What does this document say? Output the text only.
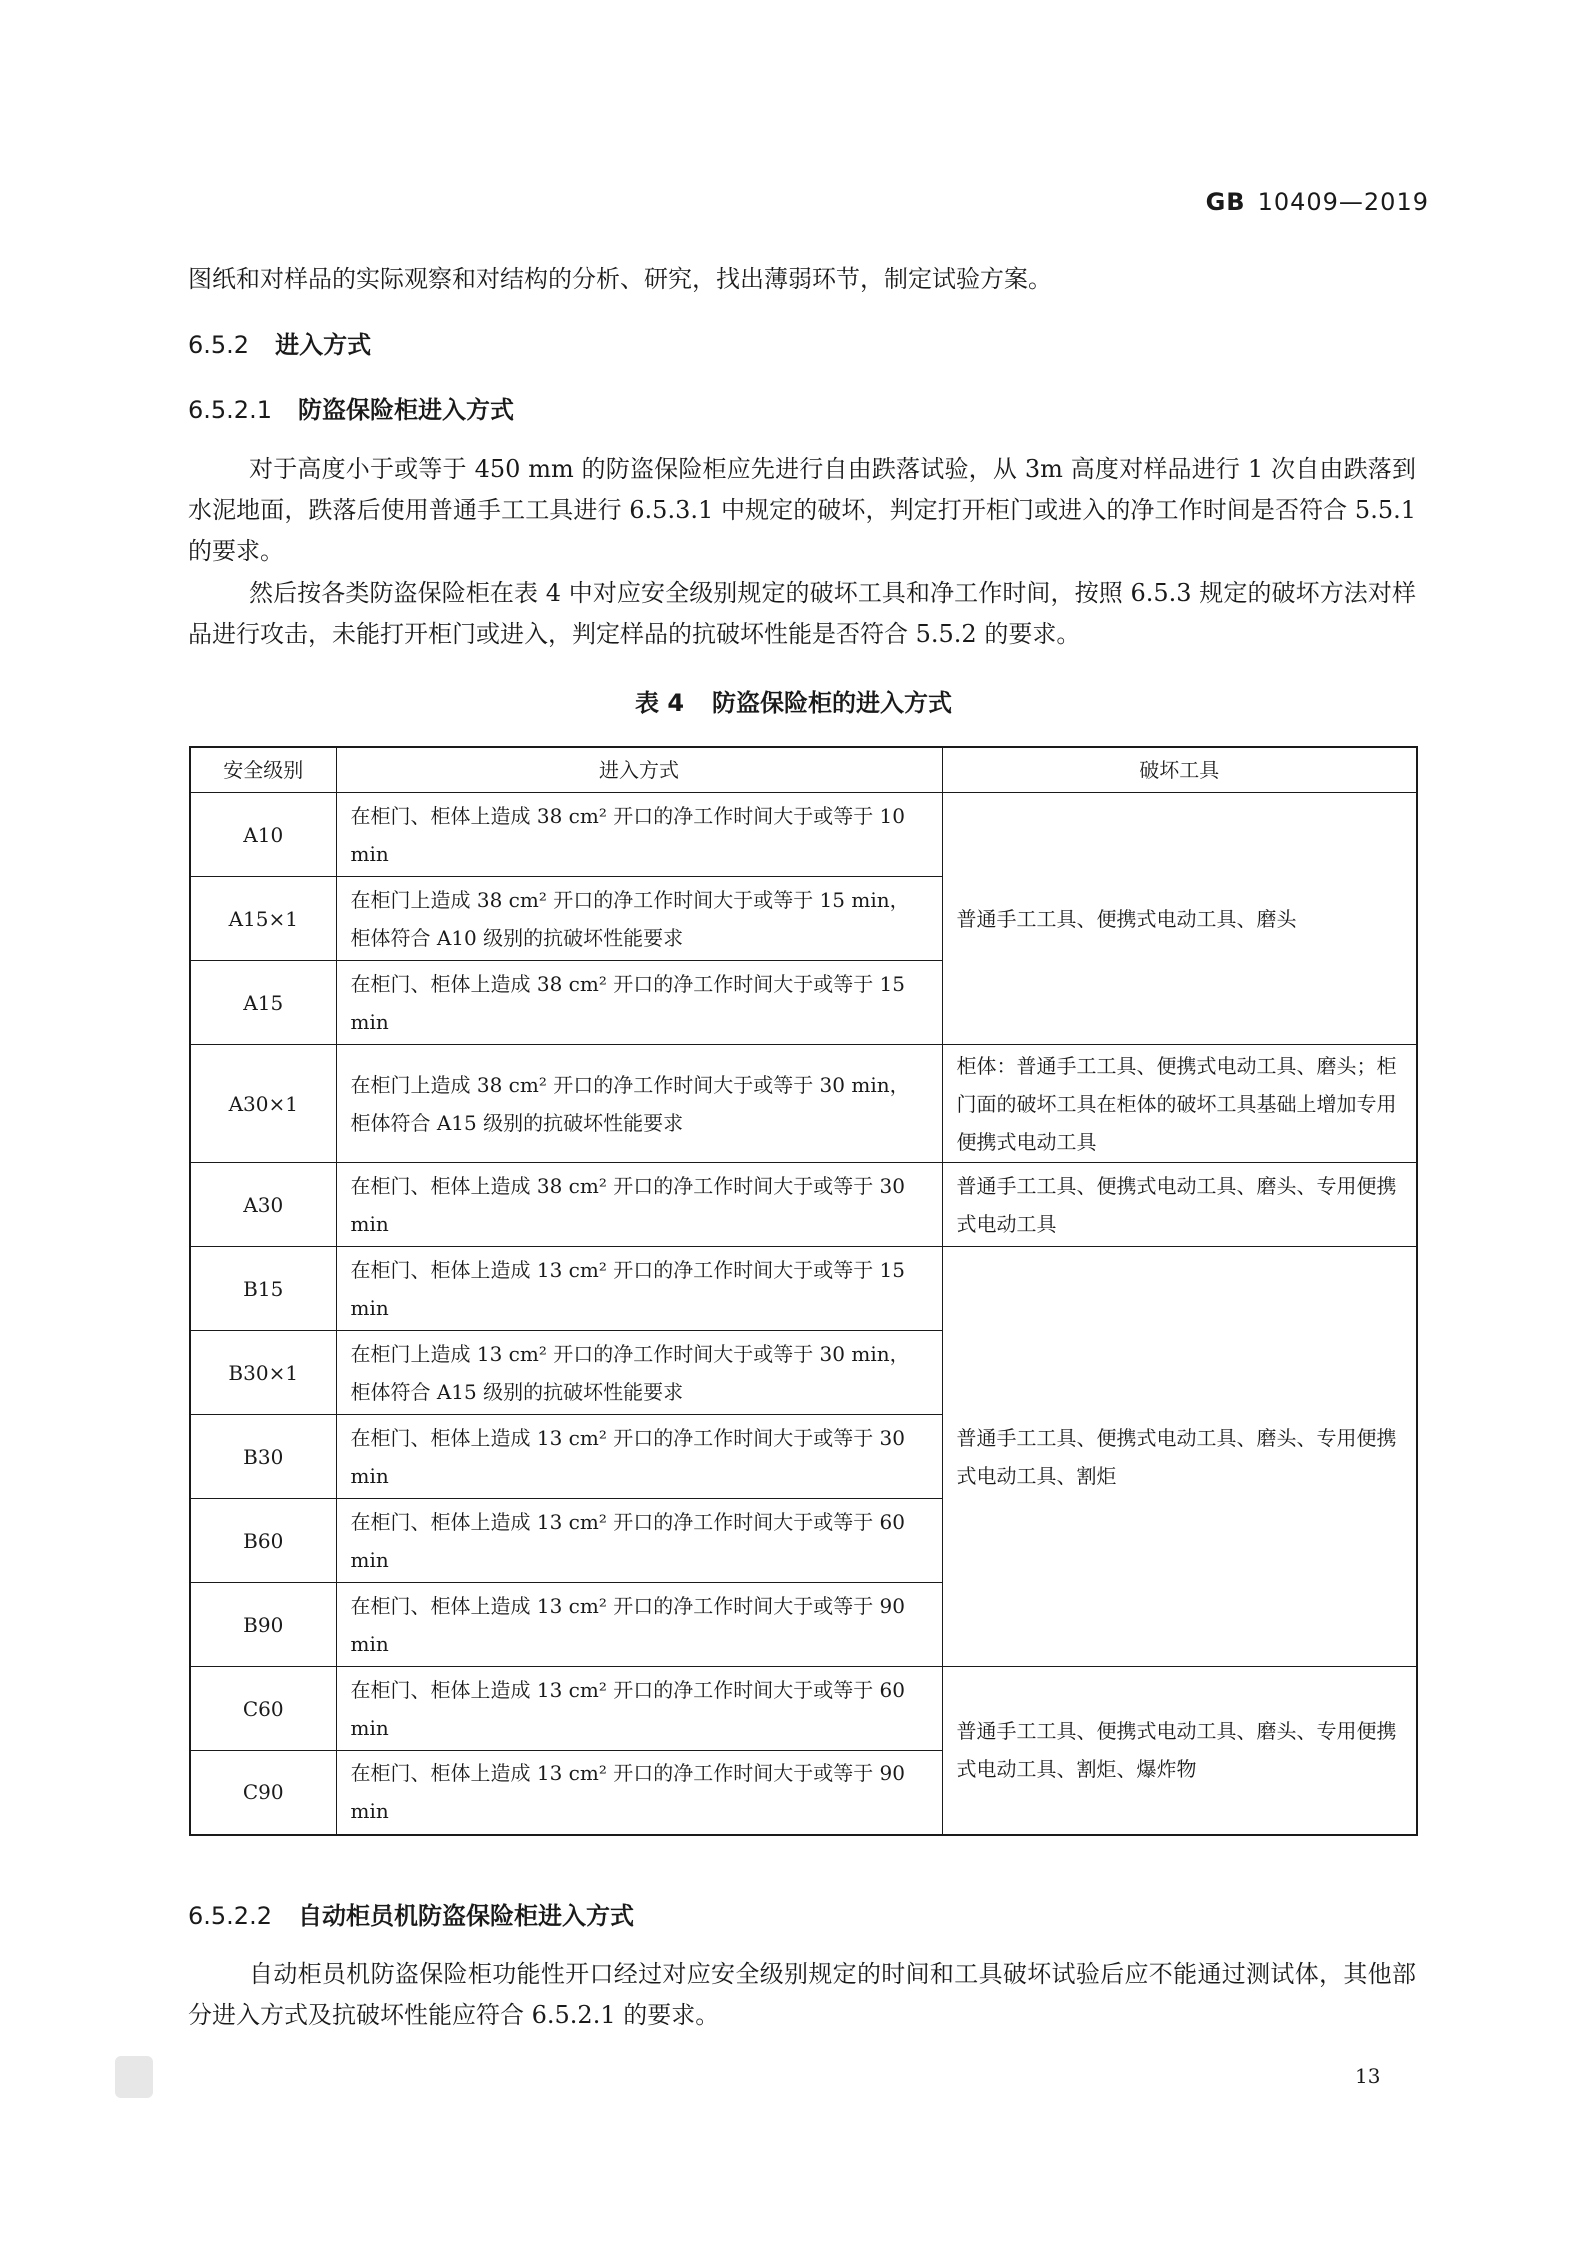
GB 10409—2019
图纸和对样品的实际观察和对结构的分析、研究，找出薄弱环节，制定试验方案。
6.5.2 进入方式
6.5.2.1 防盗保险柜进入方式
对于高度小于或等于 450 mm 的防盗保险柜应先进行自由跌落试验，从 3m 高度对样品进行 1 次自由跌落到水泥地面，跌落后使用普通手工工具进行 6.5.3.1 中规定的破坏，判定打开柜门或进入的净工作时间是否符合 5.5.1 的要求。
然后按各类防盗保险柜在表 4 中对应安全级别规定的破坏工具和净工作时间，按照 6.5.3 规定的破坏方法对样品进行攻击，未能打开柜门或进入，判定样品的抗破坏性能是否符合 5.5.2 的要求。
表 4 防盗保险柜的进入方式
安全级别	进入方式	破坏工具
A10	在柜门、柜体上造成 38 cm² 开口的净工作时间大于或等于 10 min	普通手工工具、便携式电动工具、磨头
A15×1	在柜门上造成 38 cm² 开口的净工作时间大于或等于 15 min，柜体符合 A10 级别的抗破坏性能要求	
A15	在柜门、柜体上造成 38 cm² 开口的净工作时间大于或等于 15 min	
A30×1	在柜门上造成 38 cm² 开口的净工作时间大于或等于 30 min，柜体符合 A15 级别的抗破坏性能要求	柜体：普通手工工具、便携式电动工具、磨头；柜门面的破坏工具在柜体的破坏工具基础上增加专用便携式电动工具
A30	在柜门、柜体上造成 38 cm² 开口的净工作时间大于或等于 30 min	普通手工工具、便携式电动工具、磨头、专用便携式电动工具
B15	在柜门、柜体上造成 13 cm² 开口的净工作时间大于或等于 15 min	普通手工工具、便携式电动工具、磨头、专用便携式电动工具、割炬
B30×1	在柜门上造成 13 cm² 开口的净工作时间大于或等于 30 min，柜体符合 A15 级别的抗破坏性能要求	
B30	在柜门、柜体上造成 13 cm² 开口的净工作时间大于或等于 30 min	
B60	在柜门、柜体上造成 13 cm² 开口的净工作时间大于或等于 60 min	
B90	在柜门、柜体上造成 13 cm² 开口的净工作时间大于或等于 90 min	
C60	在柜门、柜体上造成 13 cm² 开口的净工作时间大于或等于 60 min	普通手工工具、便携式电动工具、磨头、专用便携式电动工具、割炬、爆炸物
C90	在柜门、柜体上造成 13 cm² 开口的净工作时间大于或等于 90 min	
6.5.2.2 自动柜员机防盗保险柜进入方式
自动柜员机防盗保险柜功能性开口经过对应安全级别规定的时间和工具破坏试验后应不能通过测试体，其他部分进入方式及抗破坏性能应符合 6.5.2.1 的要求。
13
